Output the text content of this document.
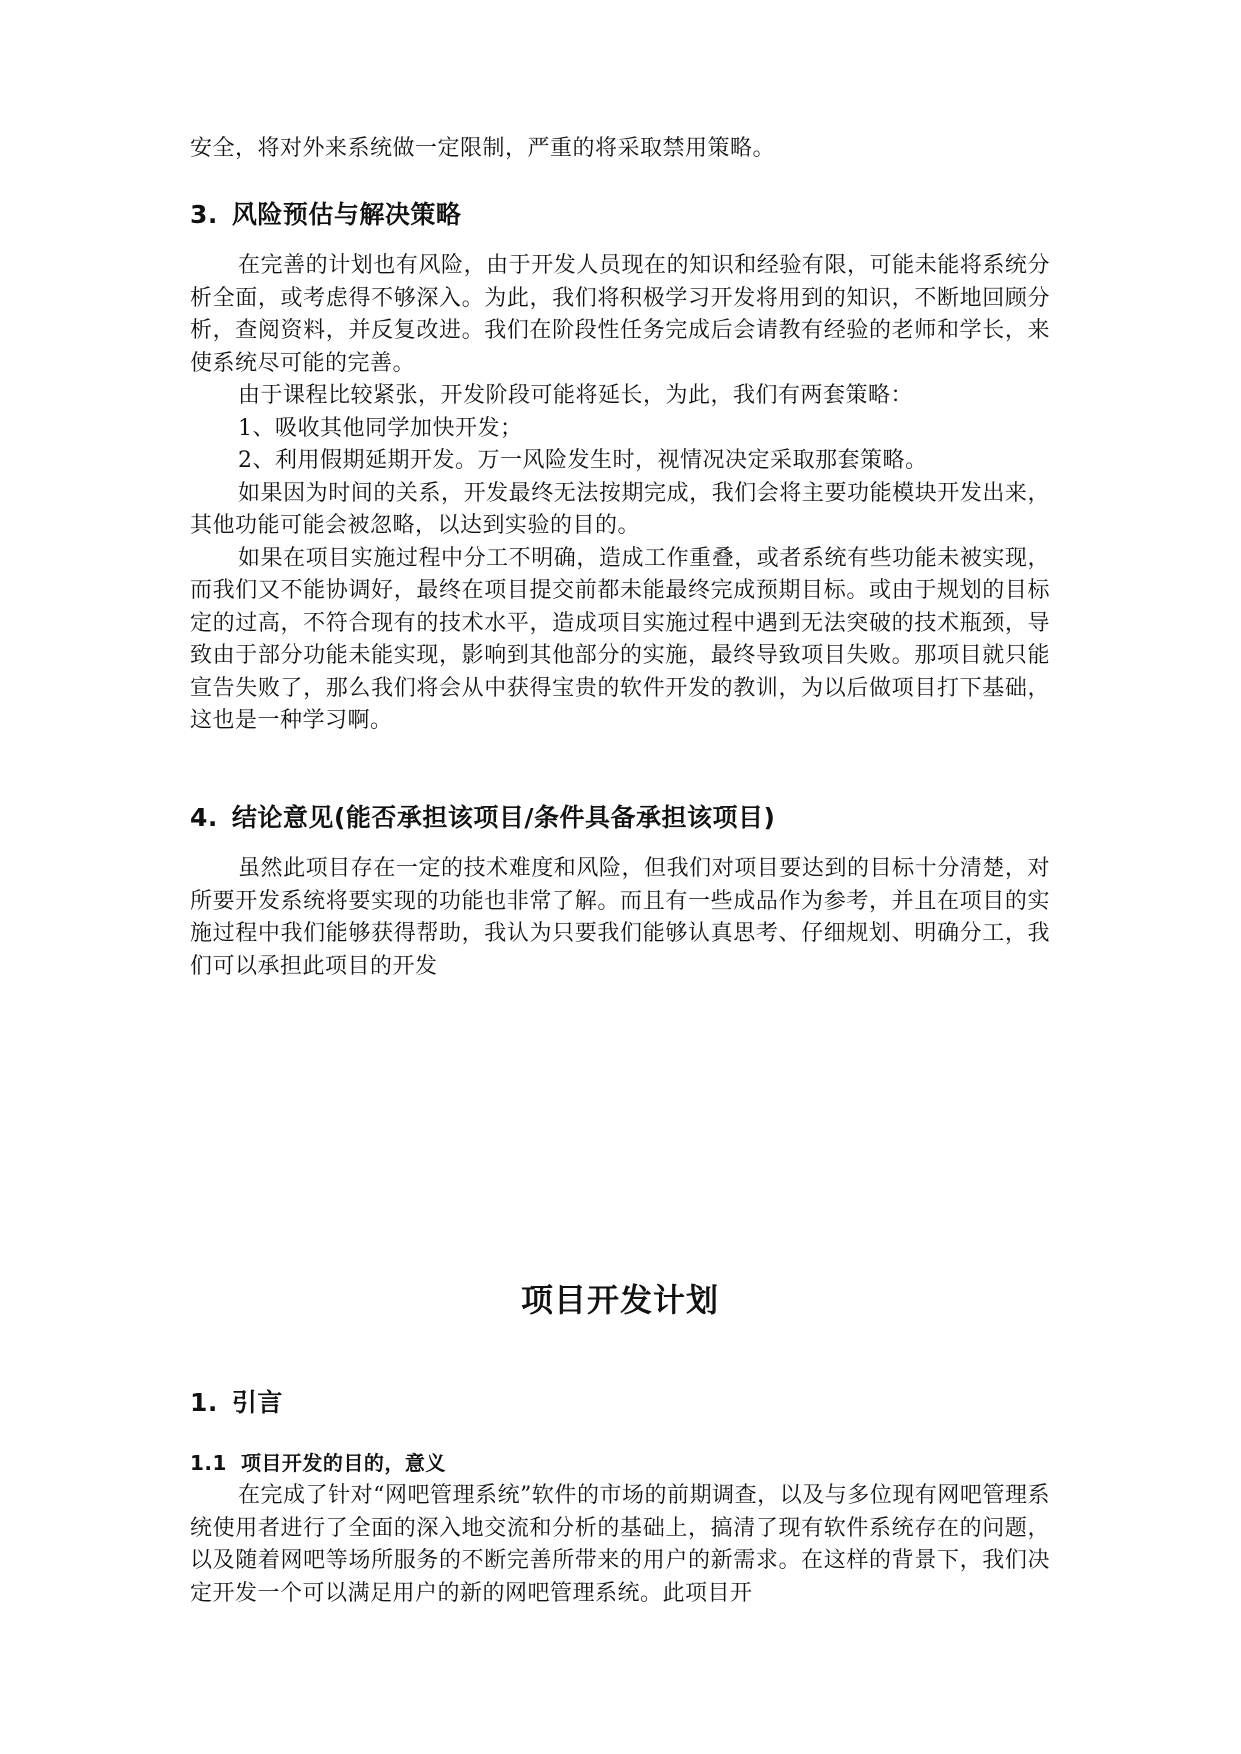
安全，将对外来系统做一定限制，严重的将采取禁用策略。

3. 风险预估与解决策略

在完善的计划也有风险，由于开发人员现在的知识和经验有限，可能未能将系统分析全面，或考虑得不够深入。为此，我们将积极学习开发将用到的知识，不断地回顾分析，查阅资料，并反复改进。我们在阶段性任务完成后会请教有经验的老师和学长，来使系统尽可能的完善。

由于课程比较紧张，开发阶段可能将延长，为此，我们有两套策略：

1、吸收其他同学加快开发；

2、利用假期延期开发。万一风险发生时，视情况决定采取那套策略。

如果因为时间的关系，开发最终无法按期完成，我们会将主要功能模块开发出来，其他功能可能会被忽略，以达到实验的目的。

如果在项目实施过程中分工不明确，造成工作重叠，或者系统有些功能未被实现，而我们又不能协调好，最终在项目提交前都未能最终完成预期目标。或由于规划的目标定的过高，不符合现有的技术水平，造成项目实施过程中遇到无法突破的技术瓶颈，导致由于部分功能未能实现，影响到其他部分的实施，最终导致项目失败。那项目就只能宣告失败了，那么我们将会从中获得宝贵的软件开发的教训，为以后做项目打下基础，这也是一种学习啊。

4. 结论意见(能否承担该项目/条件具备承担该项目)

虽然此项目存在一定的技术难度和风险，但我们对项目要达到的目标十分清楚，对所要开发系统将要实现的功能也非常了解。而且有一些成品作为参考，并且在项目的实施过程中我们能够获得帮助，我认为只要我们能够认真思考、仔细规划、明确分工，我们可以承担此项目的开发

项目开发计划
1. 引言
1.1 项目开发的目的，意义

在完成了针对“网吧管理系统”软件的市场的前期调查，以及与多位现有网吧管理系统使用者进行了全面的深入地交流和分析的基础上，搞清了现有软件系统存在的问题，以及随着网吧等场所服务的不断完善所带来的用户的新需求。在这样的背景下，我们决定开发一个可以满足用户的新的网吧管理系统。此项目开
